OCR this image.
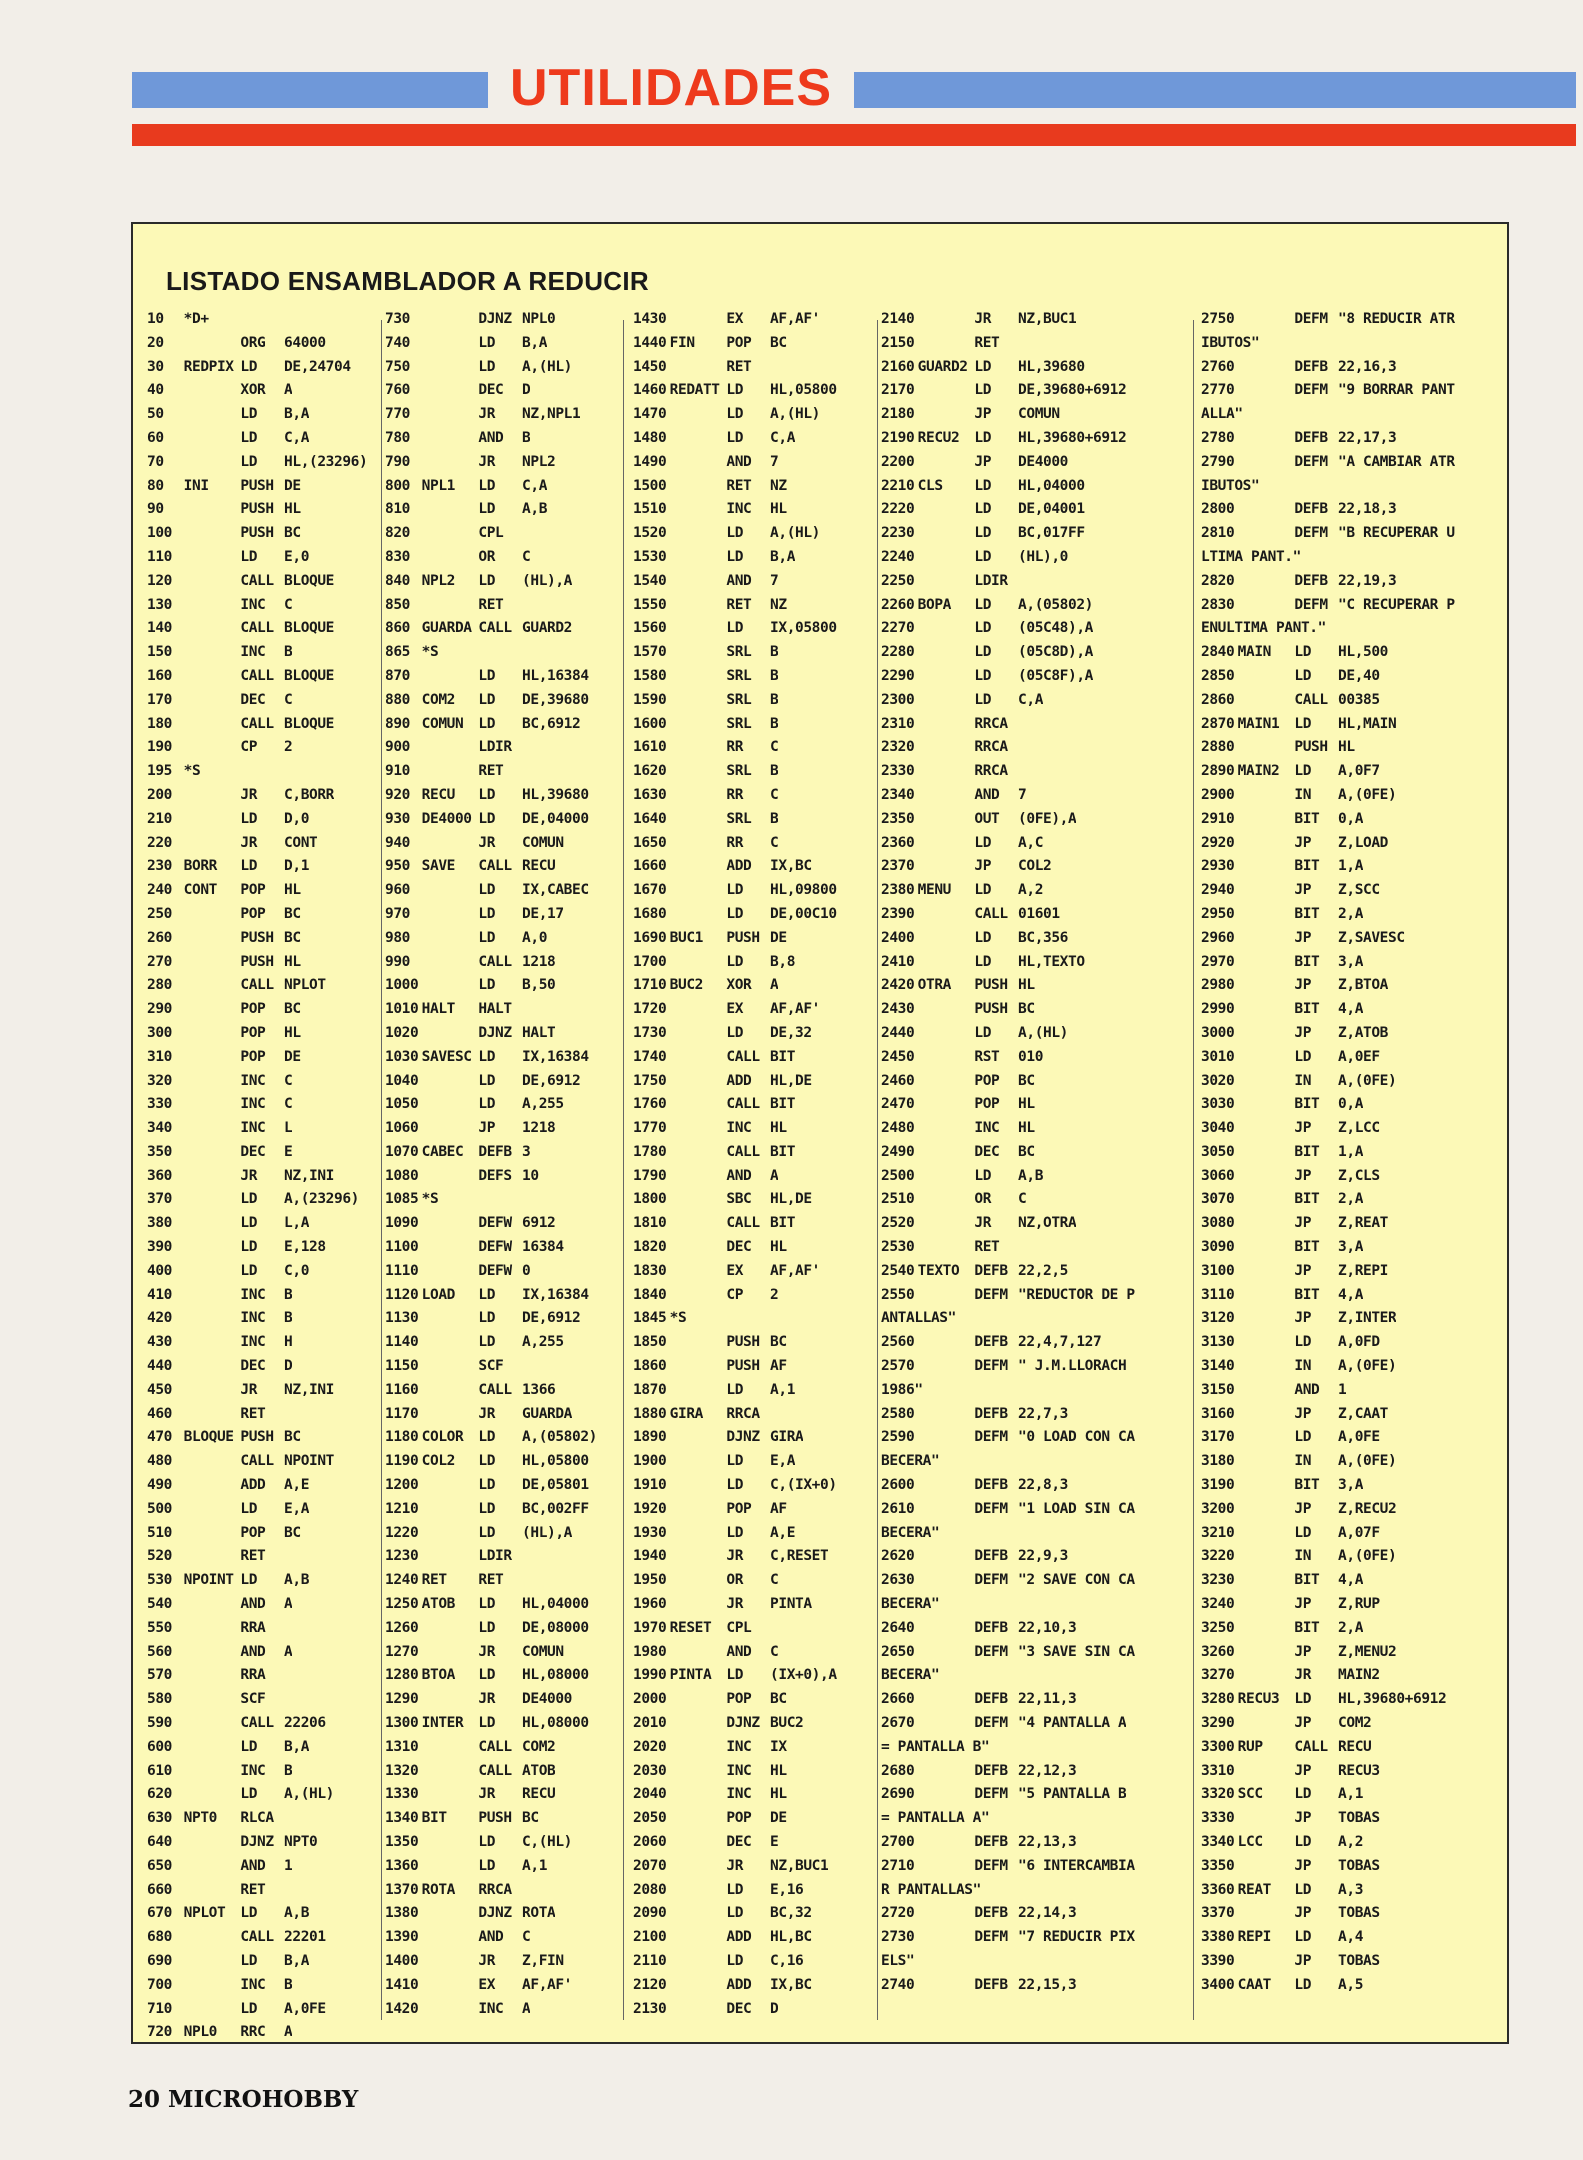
UTILIDADES
LISTADO ENSAMBLADOR A REDUCIR
10 *D+
20	ORG 64000
30 REDPIX LD DE,24704
40	XOR A
50	LD B,A
60	LD C,A
70	LD HL,(23296)
80 INI PUSH DE
90	PUSH HL
100	PUSH BC
110	LD E,0
120	CALL BLOQUE
130	INC C
140	CALL BLOQUE
150	INC B
160	CALL BLOQUE
170	DEC C
180	CALL BLOQUE
190	CP 2
195 *S
200	JR C,BORR
210	LD D,0
220	JR CONT
230 BORR LD D,1
240 CONT POP HL
250	POP BC
260	PUSH BC
270	PUSH HL
280	CALL NPLOT
290	POP BC
300	POP HL
310	POP DE
320	INC C
330	INC C
340	INC L
350	DEC E
360	JR NZ,INI
370	LD A,(23296)
380	LD L,A
390	LD E,128
400	LD C,0
410	INC B
420	INC B
430	INC H
440	DEC D
450	JR NZ,INI
460	RET
470 BLOQUE PUSH BC
480	CALL NPOINT
490	ADD A,E
500	LD E,A
510	POP BC
520	RET
530 NPOINT LD A,B
540	AND A
550	RRA
560	AND A
570	RRA
580	SCF
590	CALL 22206
600	LD B,A
610	INC B
620	LD A,(HL)
630 NPT0 RLCA
640	DJNZ NPT0
650	AND 1
660	RET
670 NPLOT LD A,B
680	CALL 22201
690	LD B,A
700	INC B
710	LD A,0FE
720 NPL0 RRC A
730	DJNZ NPL0
740	LD B,A
750	LD A,(HL)
760	DEC D
770	JR NZ,NPL1
780	AND B
790	JR NPL2
800 NPL1 LD C,A
810	LD A,B
820	CPL
830	OR C
840 NPL2 LD (HL),A
850	RET
860 GUARDA CALL GUARD2
865 *S
870	LD HL,16384
880 COM2 LD DE,39680
890 COMUN LD BC,6912
900	LDIR
910	RET
920 RECU LD HL,39680
930 DE4000 LD DE,04000
940	JR COMUN
950 SAVE CALL RECU
960	LD IX,CABEC
970	LD DE,17
980	LD A,0
990	CALL 1218
1000	LD B,50
1010 HALT HALT
1020	DJNZ HALT
1030 SAVESC LD IX,16384
1040	LD DE,6912
1050	LD A,255
1060	JP 1218
1070 CABEC DEFB 3
1080	DEFS 10
1085 *S
1090	DEFW 6912
1100	DEFW 16384
1110	DEFW 0
1120 LOAD LD IX,16384
1130	LD DE,6912
1140	LD A,255
1150	SCF
1160	CALL 1366
1170	JR GUARDA
1180 COLOR LD A,(05802)
1190 COL2 LD HL,05800
1200	LD DE,05801
1210	LD BC,002FF
1220	LD (HL),A
1230	LDIR
1240 RET RET
1250 ATOB LD HL,04000
1260	LD DE,08000
1270	JR COMUN
1280 BTOA LD HL,08000
1290	JR DE4000
1300 INTER LD HL,08000
1310	CALL COM2
1320	CALL ATOB
1330	JR RECU
1340 BIT PUSH BC
1350	LD C,(HL)
1360	LD A,1
1370 ROTA RRCA
1380	DJNZ ROTA
1390	AND C
1400	JR Z,FIN
1410	EX AF,AF'
1420	INC A
1430	EX AF,AF'
1440 FIN POP BC
1450	RET
1460 REDATT LD HL,05800
1470	LD A,(HL)
1480	LD C,A
1490	AND 7
1500	RET NZ
1510	INC HL
1520	LD A,(HL)
1530	LD B,A
1540	AND 7
1550	RET NZ
1560	LD IX,05800
1570	SRL B
1580	SRL B
1590	SRL B
1600	SRL B
1610	RR C
1620	SRL B
1630	RR C
1640	SRL B
1650	RR C
1660	ADD IX,BC
1670	LD HL,09800
1680	LD DE,00C10
1690 BUC1 PUSH DE
1700	LD B,8
1710 BUC2 XOR A
1720	EX AF,AF'
1730	LD DE,32
1740	CALL BIT
1750	ADD HL,DE
1760	CALL BIT
1770	INC HL
1780	CALL BIT
1790	AND A
1800	SBC HL,DE
1810	CALL BIT
1820	DEC HL
1830	EX AF,AF'
1840	CP 2
1845 *S
1850	PUSH BC
1860	PUSH AF
1870	LD A,1
1880 GIRA RRCA
1890	DJNZ GIRA
1900	LD E,A
1910	LD C,(IX+0)
1920	POP AF
1930	LD A,E
1940	JR C,RESET
1950	OR C
1960	JR PINTA
1970 RESET CPL
1980	AND C
1990 PINTA LD (IX+0),A
2000	POP BC
2010	DJNZ BUC2
2020	INC IX
2030	INC HL
2040	INC HL
2050	POP DE
2060	DEC E
2070	JR NZ,BUC1
2080	LD E,16
2090	LD BC,32
2100	ADD HL,BC
2110	LD C,16
2120	ADD IX,BC
2130	DEC D
2140	JR NZ,BUC1
2150	RET
2160 GUARD2 LD HL,39680
2170	LD DE,39680+6912
2180	JP COMUN
2190 RECU2 LD HL,39680+6912
2200	JP DE4000
2210 CLS LD HL,04000
2220	LD DE,04001
2230	LD BC,017FF
2240	LD (HL),0
2250	LDIR
2260 BOPA LD A,(05802)
2270	LD (05C48),A
2280	LD (05C8D),A
2290	LD (05C8F),A
2300	LD C,A
2310	RRCA
2320	RRCA
2330	RRCA
2340	AND 7
2350	OUT (0FE),A
2360	LD A,C
2370	JP COL2
2380 MENU LD A,2
2390	CALL 01601
2400	LD BC,356
2410	LD HL,TEXTO
2420 OTRA PUSH HL
2430	PUSH BC
2440	LD A,(HL)
2450	RST 010
2460	POP BC
2470	POP HL
2480	INC HL
2490	DEC BC
2500	LD A,B
2510	OR C
2520	JR NZ,OTRA
2530	RET
2540 TEXTO DEFB 22,2,5
2550	DEFM "REDUCTOR DE P
ANTALLAS"
2560	DEFB 22,4,7,127
2570	DEFM " J.M.LLORACH
1986"
2580	DEFB 22,7,3
2590	DEFM "0 LOAD CON CA
BECERA"
2600	DEFB 22,8,3
2610	DEFM "1 LOAD SIN CA
BECERA"
2620	DEFB 22,9,3
2630	DEFM "2 SAVE CON CA
BECERA"
2640	DEFB 22,10,3
2650	DEFM "3 SAVE SIN CA
BECERA"
2660	DEFB 22,11,3
2670	DEFM "4 PANTALLA A
= PANTALLA B"
2680	DEFB 22,12,3
2690	DEFM "5 PANTALLA B
= PANTALLA A"
2700	DEFB 22,13,3
2710	DEFM "6 INTERCAMBIA
R PANTALLAS"
2720	DEFB 22,14,3
2730	DEFM "7 REDUCIR PIX
ELS"
2740	DEFB 22,15,3
2750	DEFM "8 REDUCIR ATR
IBUTOS"
2760	DEFB 22,16,3
2770	DEFM "9 BORRAR PANT
ALLA"
2780	DEFB 22,17,3
2790	DEFM "A CAMBIAR ATR
IBUTOS"
2800	DEFB 22,18,3
2810	DEFM "B RECUPERAR U
LTIMA PANT."
2820	DEFB 22,19,3
2830	DEFM "C RECUPERAR P
ENULTIMA PANT."
2840 MAIN LD HL,500
2850	LD DE,40
2860	CALL 00385
2870 MAIN1 LD HL,MAIN
2880	PUSH HL
2890 MAIN2 LD A,0F7
2900	IN A,(0FE)
2910	BIT 0,A
2920	JP Z,LOAD
2930	BIT 1,A
2940	JP Z,SCC
2950	BIT 2,A
2960	JP Z,SAVESC
2970	BIT 3,A
2980	JP Z,BTOA
2990	BIT 4,A
3000	JP Z,ATOB
3010	LD A,0EF
3020	IN A,(0FE)
3030	BIT 0,A
3040	JP Z,LCC
3050	BIT 1,A
3060	JP Z,CLS
3070	BIT 2,A
3080	JP Z,REAT
3090	BIT 3,A
3100	JP Z,REPI
3110	BIT 4,A
3120	JP Z,INTER
3130	LD A,0FD
3140	IN A,(0FE)
3150	AND 1
3160	JP Z,CAAT
3170	LD A,0FE
3180	IN A,(0FE)
3190	BIT 3,A
3200	JP Z,RECU2
3210	LD A,07F
3220	IN A,(0FE)
3230	BIT 4,A
3240	JP Z,RUP
3250	BIT 2,A
3260	JP Z,MENU2
3270	JR MAIN2
3280 RECU3 LD HL,39680+6912
3290	JP COM2
3300 RUP CALL RECU
3310	JP RECU3
3320 SCC LD A,1
3330	JP TOBAS
3340 LCC LD A,2
3350	JP TOBAS
3360 REAT LD A,3
3370	JP TOBAS
3380 REPI LD A,4
3390	JP TOBAS
3400 CAAT LD A,5
20 MICROHOBBY
